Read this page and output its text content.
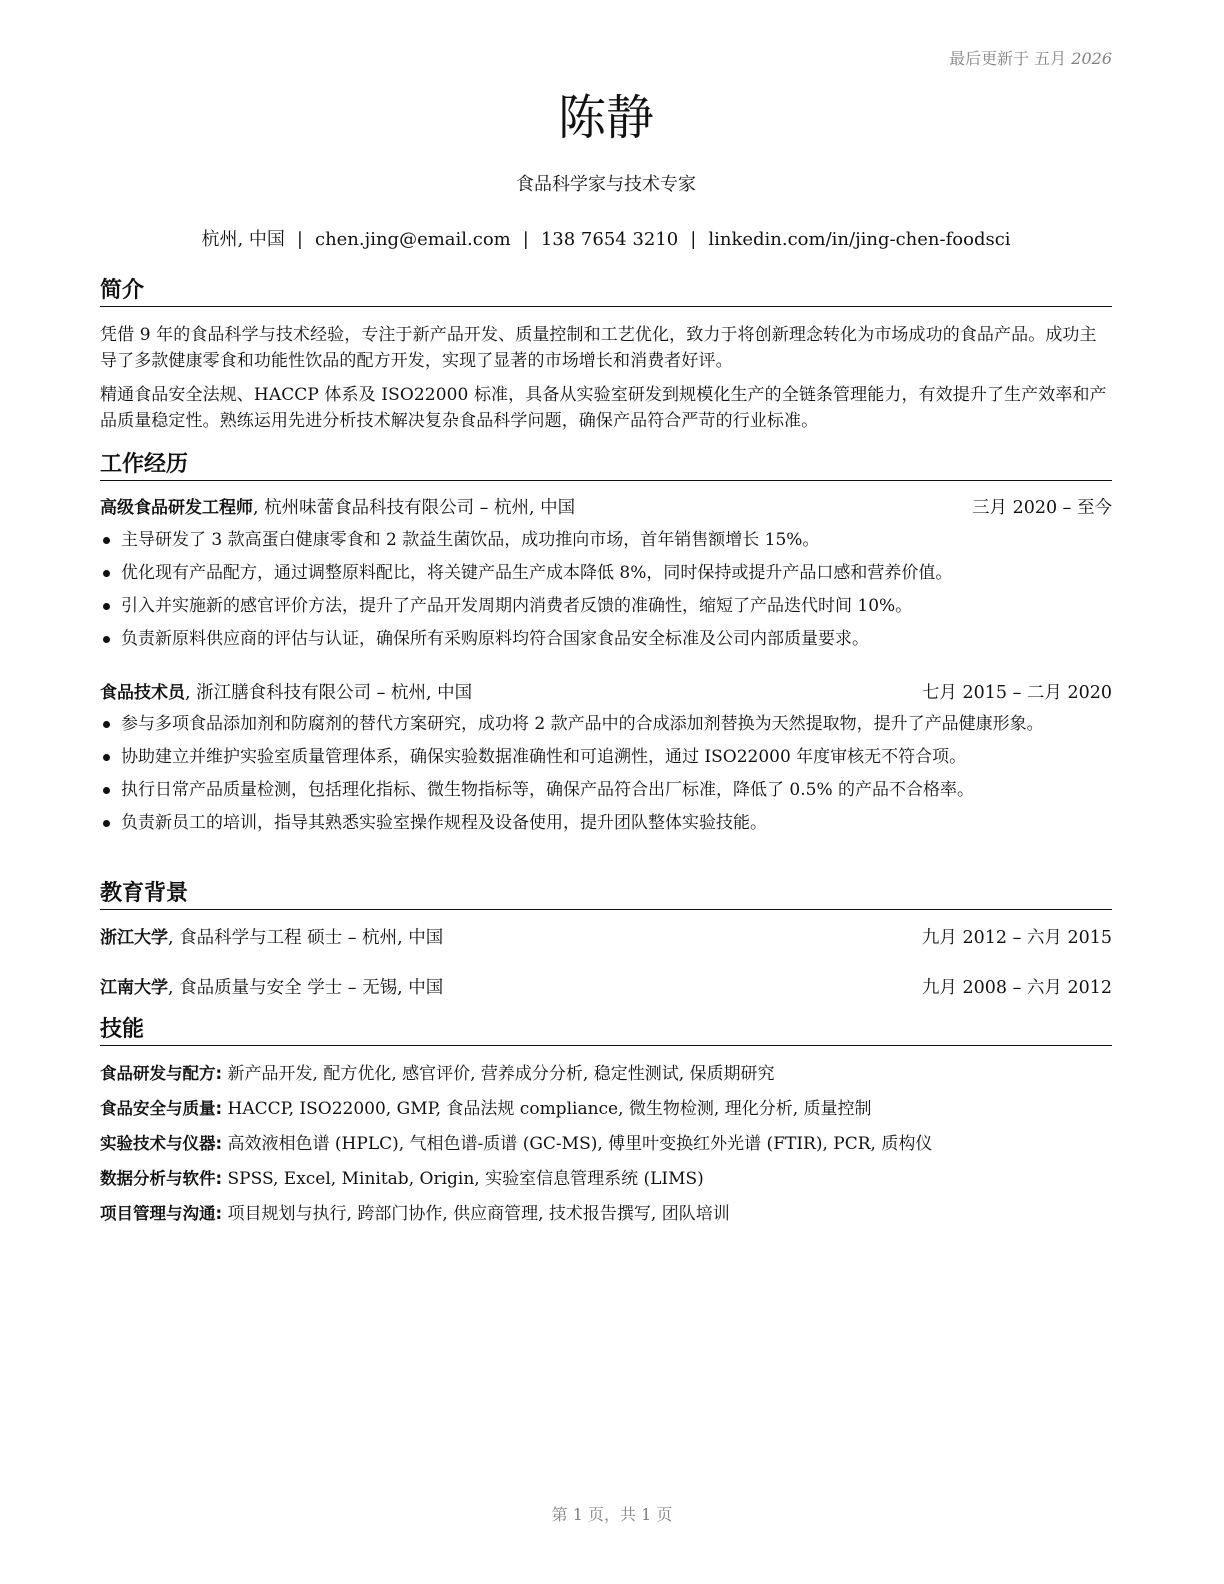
最后更新于 五月 2026
陈静
食品科学家与技术专家
杭州, 中国 | chen.jing@email.com | 138 7654 3210 | linkedin.com/in/jing-chen-foodsci
简介

凭借 9 年的食品科学与技术经验，专注于新产品开发、质量控制和工艺优化，致力于将创新理念转化为市场成功的食品产品。成功主导了多款健康零食和功能性饮品的配方开发，实现了显著的市场增长和消费者好评。

精通食品安全法规、HACCP 体系及 ISO22000 标准，具备从实验室研发到规模化生产的全链条管理能力，有效提升了生产效率和产品质量稳定性。熟练运用先进分析技术解决复杂食品科学问题，确保产品符合严苛的行业标准。

工作经历
高级食品研发工程师, 杭州味蕾食品科技有限公司 – 杭州, 中国	三月 2020 – 至今
主导研发了 3 款高蛋白健康零食和 2 款益生菌饮品，成功推向市场，首年销售额增长 15%。
优化现有产品配方，通过调整原料配比，将关键产品生产成本降低 8%，同时保持或提升产品口感和营养价值。
引入并实施新的感官评价方法，提升了产品开发周期内消费者反馈的准确性，缩短了产品迭代时间 10%。
负责新原料供应商的评估与认证，确保所有采购原料均符合国家食品安全标准及公司内部质量要求。
食品技术员, 浙江膳食科技有限公司 – 杭州, 中国	七月 2015 – 二月 2020
参与多项食品添加剂和防腐剂的替代方案研究，成功将 2 款产品中的合成添加剂替换为天然提取物，提升了产品健康形象。
协助建立并维护实验室质量管理体系，确保实验数据准确性和可追溯性，通过 ISO22000 年度审核无不符合项。
执行日常产品质量检测，包括理化指标、微生物指标等，确保产品符合出厂标准，降低了 0.5% 的产品不合格率。
负责新员工的培训，指导其熟悉实验室操作规程及设备使用，提升团队整体实验技能。
教育背景
浙江大学, 食品科学与工程 硕士 – 杭州, 中国	九月 2012 – 六月 2015
江南大学, 食品质量与安全 学士 – 无锡, 中国	九月 2008 – 六月 2012
技能
食品研发与配方: 新产品开发, 配方优化, 感官评价, 营养成分分析, 稳定性测试, 保质期研究
食品安全与质量: HACCP, ISO22000, GMP, 食品法规 compliance, 微生物检测, 理化分析, 质量控制
实验技术与仪器: 高效液相色谱 (HPLC), 气相色谱-质谱 (GC-MS), 傅里叶变换红外光谱 (FTIR), PCR, 质构仪
数据分析与软件: SPSS, Excel, Minitab, Origin, 实验室信息管理系统 (LIMS)
项目管理与沟通: 项目规划与执行, 跨部门协作, 供应商管理, 技术报告撰写, 团队培训
第 1 页，共 1 页
